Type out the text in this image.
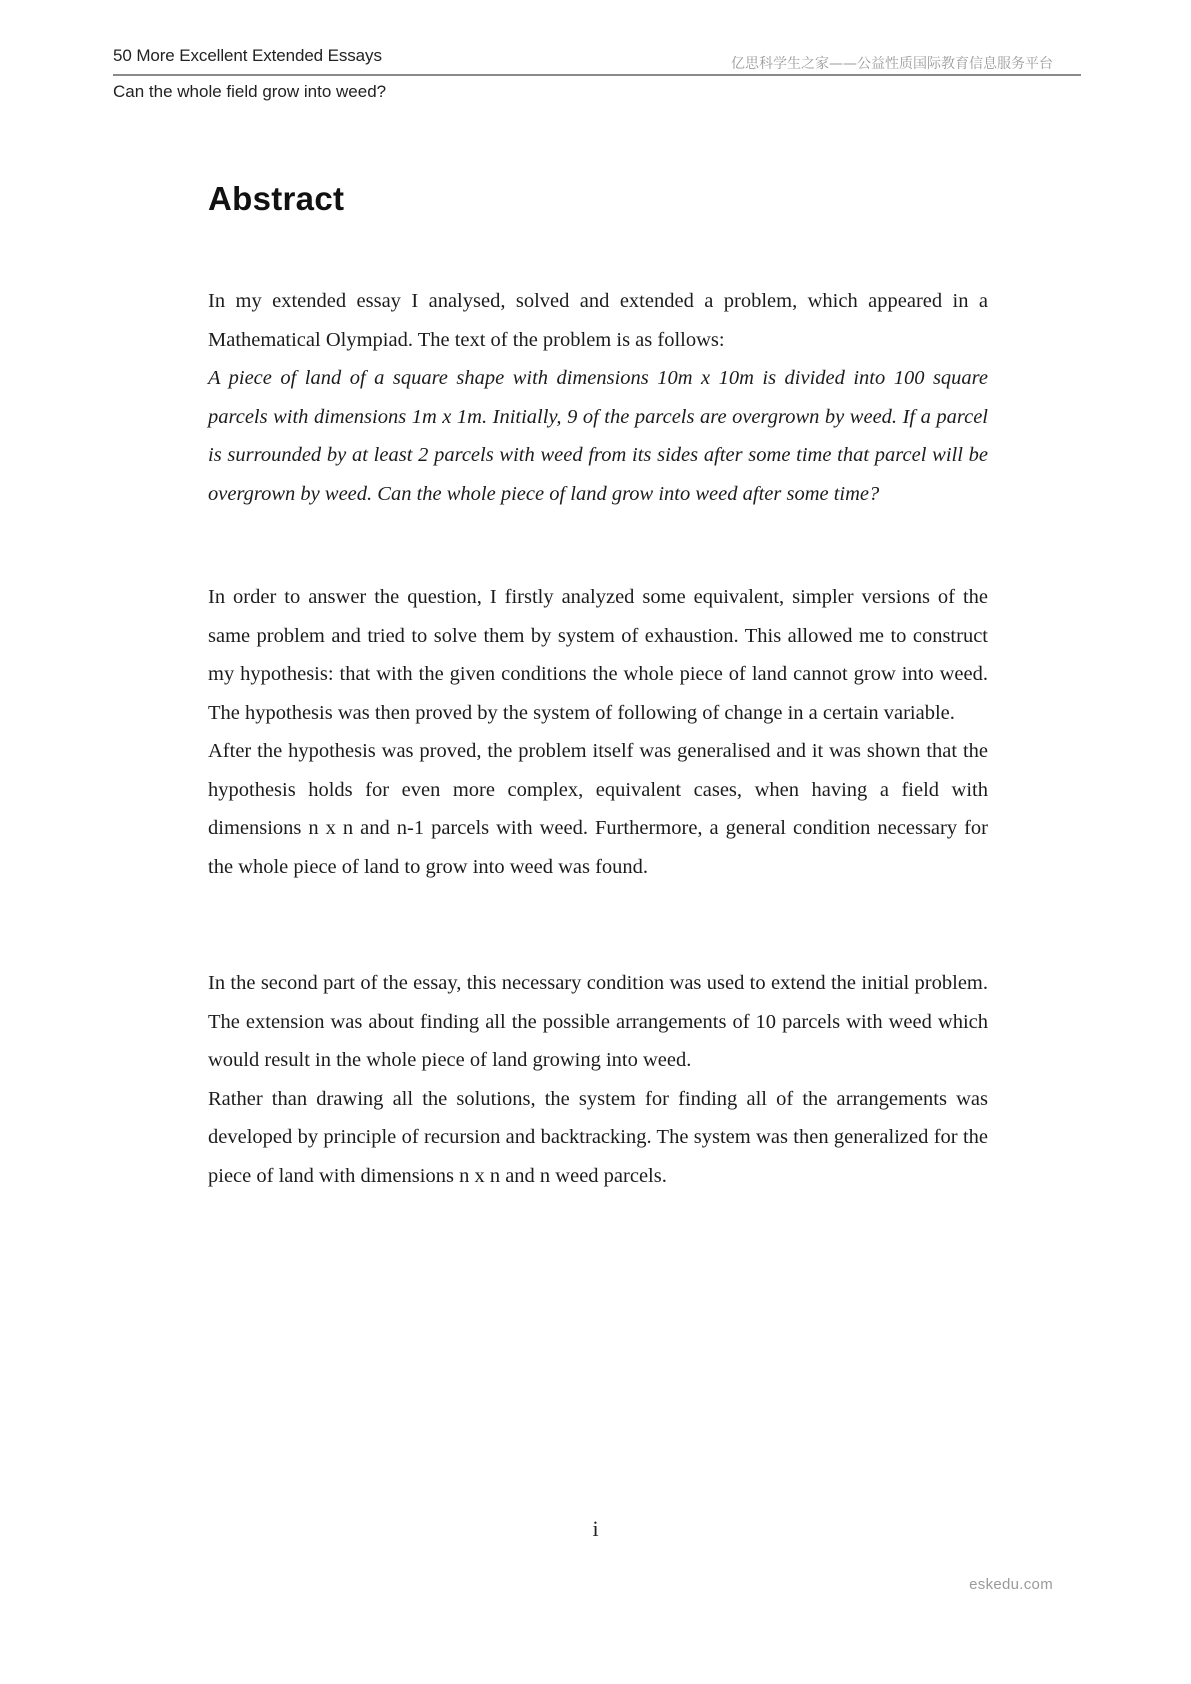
50 More Excellent Extended Essays	亿思科学生之家——公益性质国际教育信息服务平台
Can the whole field grow into weed?
Abstract

In my extended essay I analysed, solved and extended a problem, which appeared in a Mathematical Olympiad. The text of the problem is as follows:

A piece of land of a square shape with dimensions 10m x 10m is divided into 100 square parcels with dimensions 1m x 1m. Initially, 9 of the parcels are overgrown by weed. If a parcel is surrounded by at least 2 parcels with weed from its sides after some time that parcel will be overgrown by weed. Can the whole piece of land grow into weed after some time?

In order to answer the question, I firstly analyzed some equivalent, simpler versions of the same problem and tried to solve them by system of exhaustion. This allowed me to construct my hypothesis: that with the given conditions the whole piece of land cannot grow into weed. The hypothesis was then proved by the system of following of change in a certain variable.

After the hypothesis was proved, the problem itself was generalised and it was shown that the hypothesis holds for even more complex, equivalent cases, when having a field with dimensions n x n and n-1 parcels with weed. Furthermore, a general condition necessary for the whole piece of land to grow into weed was found.

In the second part of the essay, this necessary condition was used to extend the initial problem. The extension was about finding all the possible arrangements of 10 parcels with weed which would result in the whole piece of land growing into weed.

Rather than drawing all the solutions, the system for finding all of the arrangements was developed by principle of recursion and backtracking. The system was then generalized for the piece of land with dimensions n x n and n weed parcels.

i
eskedu.com
